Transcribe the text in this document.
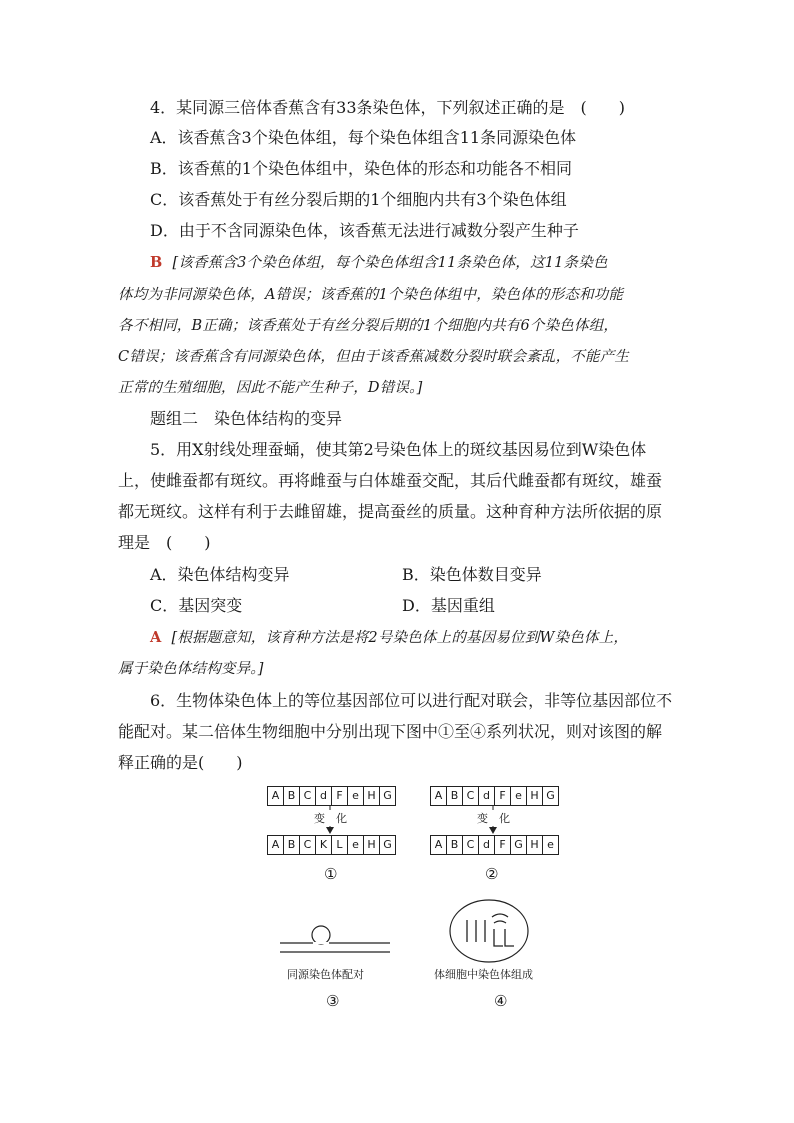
4．某同源三倍体香蕉含有33条染色体，下列叙述正确的是　(　　)
A．该香蕉含3个染色体组，每个染色体组含11条同源染色体
B．该香蕉的1个染色体组中，染色体的形态和功能各不相同
C．该香蕉处于有丝分裂后期的1个细胞内共有3个染色体组
D．由于不含同源染色体，该香蕉无法进行减数分裂产生种子
B [该香蕉含3个染色体组，每个染色体组含11条染色体，这11条染色
体均为非同源染色体，A错误；该香蕉的1个染色体组中，染色体的形态和功能
各不相同，B正确；该香蕉处于有丝分裂后期的1个细胞内共有6个染色体组，
C错误；该香蕉含有同源染色体，但由于该香蕉减数分裂时联会紊乱，不能产生
正常的生殖细胞，因此不能产生种子，D错误。]
题组二　染色体结构的变异
5．用X射线处理蚕蛹，使其第2号染色体上的斑纹基因易位到W染色体
上，使雌蚕都有斑纹。再将雌蚕与白体雄蚕交配，其后代雌蚕都有斑纹，雄蚕
都无斑纹。这样有利于去雌留雄，提高蚕丝的质量。这种育种方法所依据的原
理是　(　　)
A．染色体结构变异	B．染色体数目变异
C．基因突变	D．基因重组
A [根据题意知，该育种方法是将2号染色体上的基因易位到W染色体上，
属于染色体结构变异。]
6．生物体染色体上的等位基因部位可以进行配对联会，非等位基因部位不
能配对。某二倍体生物细胞中分别出现下图中①至④系列状况，则对该图的解
释正确的是(　　)
A B C d F e H G
变　化
A B C K L e H G
①
A B C d F e H G
变　化
A B C d F G H e
②
同源染色体配对
③
体细胞中染色体组成
④
